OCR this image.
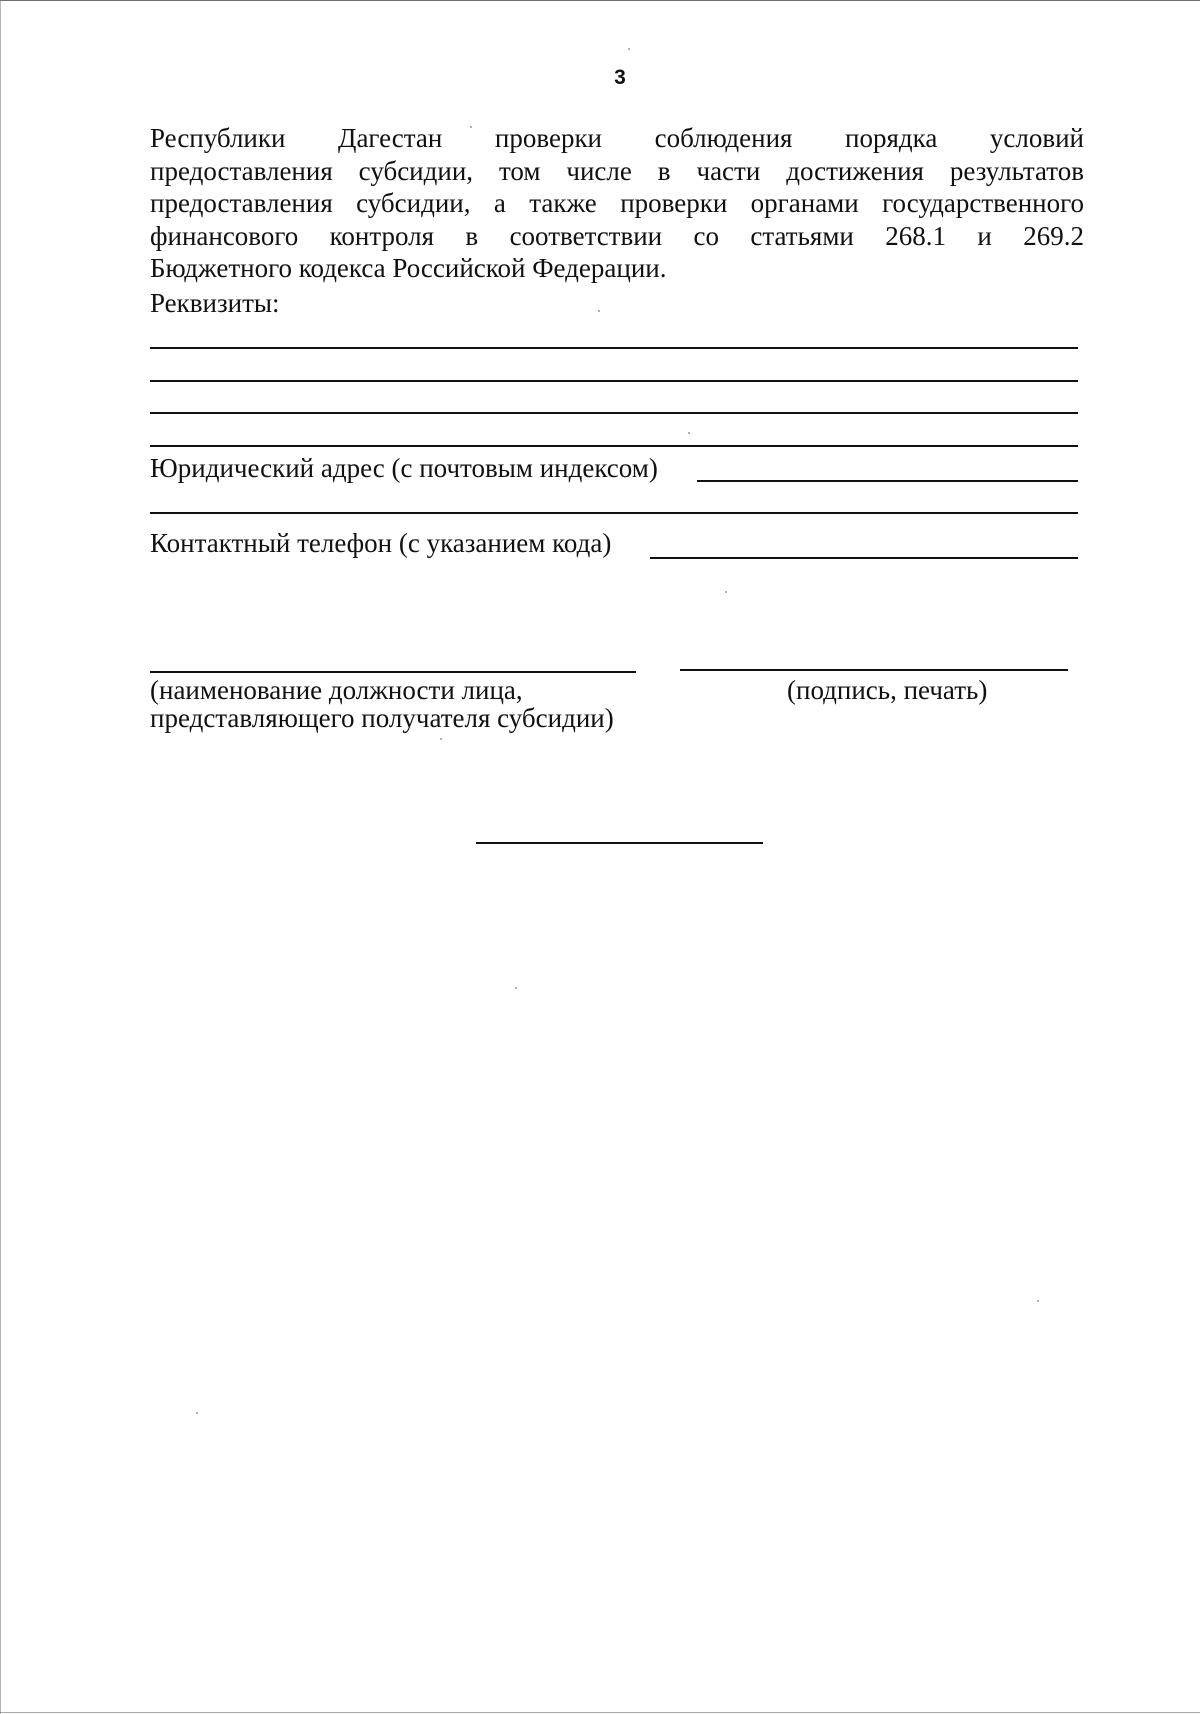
3
Республики Дагестан проверки соблюдения порядка условий
предоставления субсидии, том числе в части достижения результатов
предоставления субсидии, а также проверки органами государственного
финансового контроля в соответствии со статьями 268.1 и 269.2
Бюджетного кодекса Российской Федерации.
Реквизиты:
Юридический адрес (с почтовым индексом)
Контактный телефон (с указанием кода)
(наименование должности лица,
представляющего получателя субсидии)
(подпись, печать)
